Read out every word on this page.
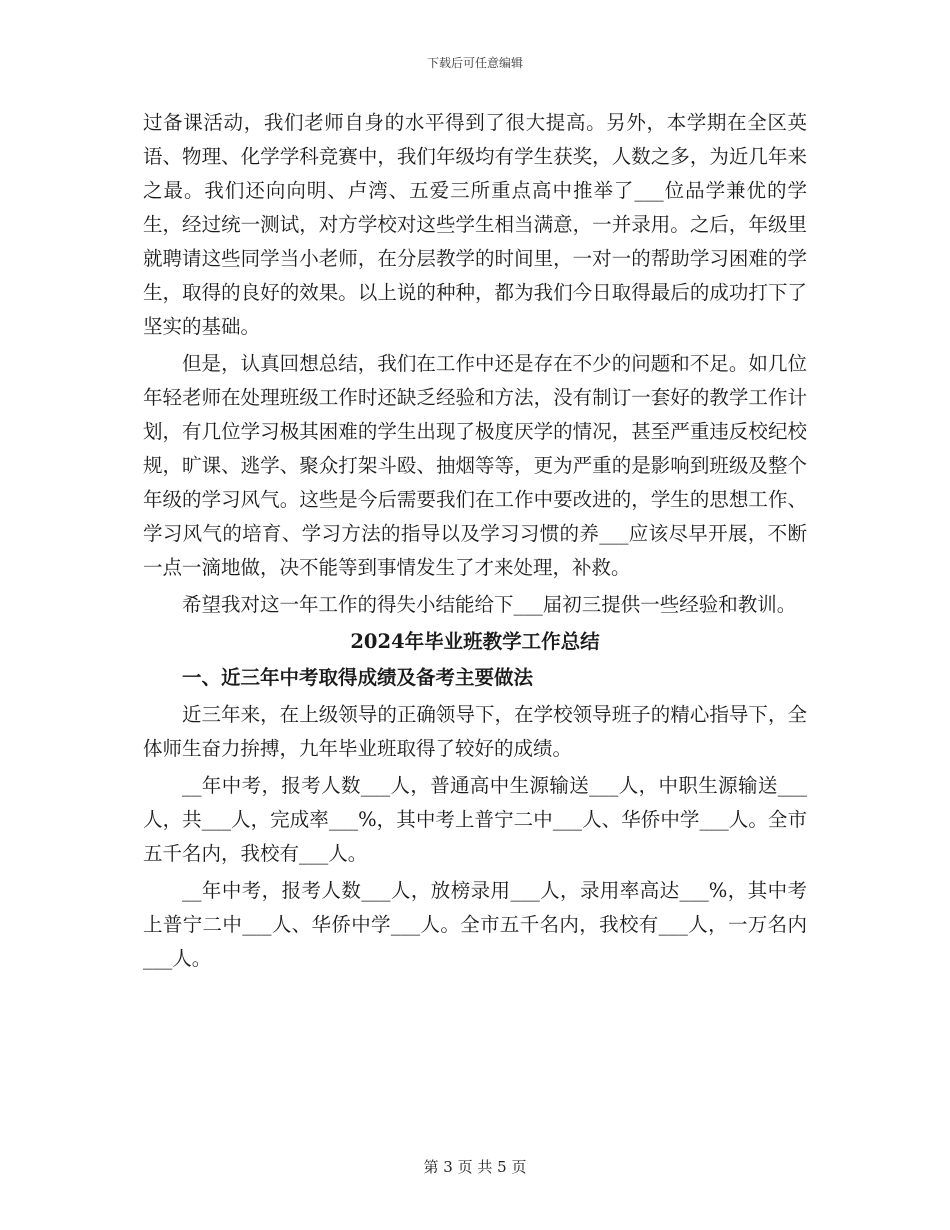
下载后可任意编辑

过备课活动，我们老师自身的水平得到了很大提高。另外，本学期在全区英语、物理、化学学科竞赛中，我们年级均有学生获奖，人数之多，为近几年来之最。我们还向向明、卢湾、五爱三所重点高中推举了___位品学兼优的学生，经过统一测试，对方学校对这些学生相当满意，一并录用。之后，年级里就聘请这些同学当小老师，在分层教学的时间里，一对一的帮助学习困难的学生，取得的良好的效果。以上说的种种，都为我们今日取得最后的成功打下了坚实的基础。

但是，认真回想总结，我们在工作中还是存在不少的问题和不足。如几位年轻老师在处理班级工作时还缺乏经验和方法，没有制订一套好的教学工作计划，有几位学习极其困难的学生出现了极度厌学的情况，甚至严重违反校纪校规，旷课、逃学、聚众打架斗殴、抽烟等等，更为严重的是影响到班级及整个年级的学习风气。这些是今后需要我们在工作中要改进的，学生的思想工作、学习风气的培育、学习方法的指导以及学习习惯的养___应该尽早开展，不断一点一滴地做，决不能等到事情发生了才来处理，补救。

希望我对这一年工作的得失小结能给下___届初三提供一些经验和教训。

2024年毕业班教学工作总结
一、近三年中考取得成绩及备考主要做法

近三年来，在上级领导的正确领导下，在学校领导班子的精心指导下，全体师生奋力拚搏，九年毕业班取得了较好的成绩。

__年中考，报考人数___人，普通高中生源输送___人，中职生源输送___人，共___人，完成率___%，其中考上普宁二中___人、华侨中学___人。全市五千名内，我校有___人。

__年中考，报考人数___人，放榜录用___人，录用率高达___%，其中考上普宁二中___人、华侨中学___人。全市五千名内，我校有___人，一万名内___人。

第 3 页 共 5 页
